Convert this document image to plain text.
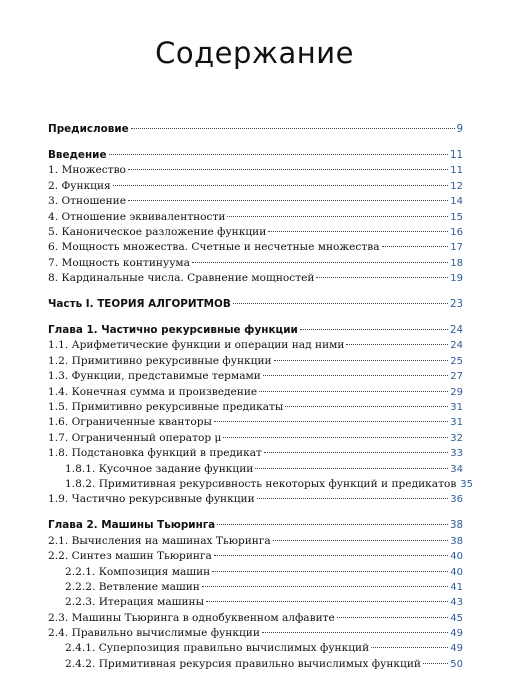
Содержание
Предисловие	9
Введение	11
1. Множество	11
2. Функция	12
3. Отношение	14
4. Отношение эквивалентности	15
5. Каноническое разложение функции	16
6. Мощность множества. Счетные и несчетные множества	17
7. Мощность континуума	18
8. Кардинальные числа. Сравнение мощностей	19
Часть I. ТЕОРИЯ АЛГОРИТМОВ	23
Глава 1. Частично рекурсивные функции	24
1.1. Арифметические функции и операции над ними	24
1.2. Примитивно рекурсивные функции	25
1.3. Функции, представимые термами	27
1.4. Конечная сумма и произведение	29
1.5. Примитивно рекурсивные предикаты	31
1.6. Ограниченные кванторы	31
1.7. Ограниченный оператор μ	32
1.8. Подстановка функций в предикат	33
1.8.1. Кусочное задание функции	34
1.8.2. Примитивная рекурсивность некоторых функций и предикатов 35
1.9. Частично рекурсивные функции	36
Глава 2. Машины Тьюринга	38
2.1. Вычисления на машинах Тьюринга	38
2.2. Синтез машин Тьюринга	40
2.2.1. Композиция машин	40
2.2.2. Ветвление машин	41
2.2.3. Итерация машины	43
2.3. Машины Тьюринга в однобуквенном алфавите	45
2.4. Правильно вычислимые функции	49
2.4.1. Суперпозиция правильно вычислимых функций	49
2.4.2. Примитивная рекурсия правильно вычислимых функций	50
